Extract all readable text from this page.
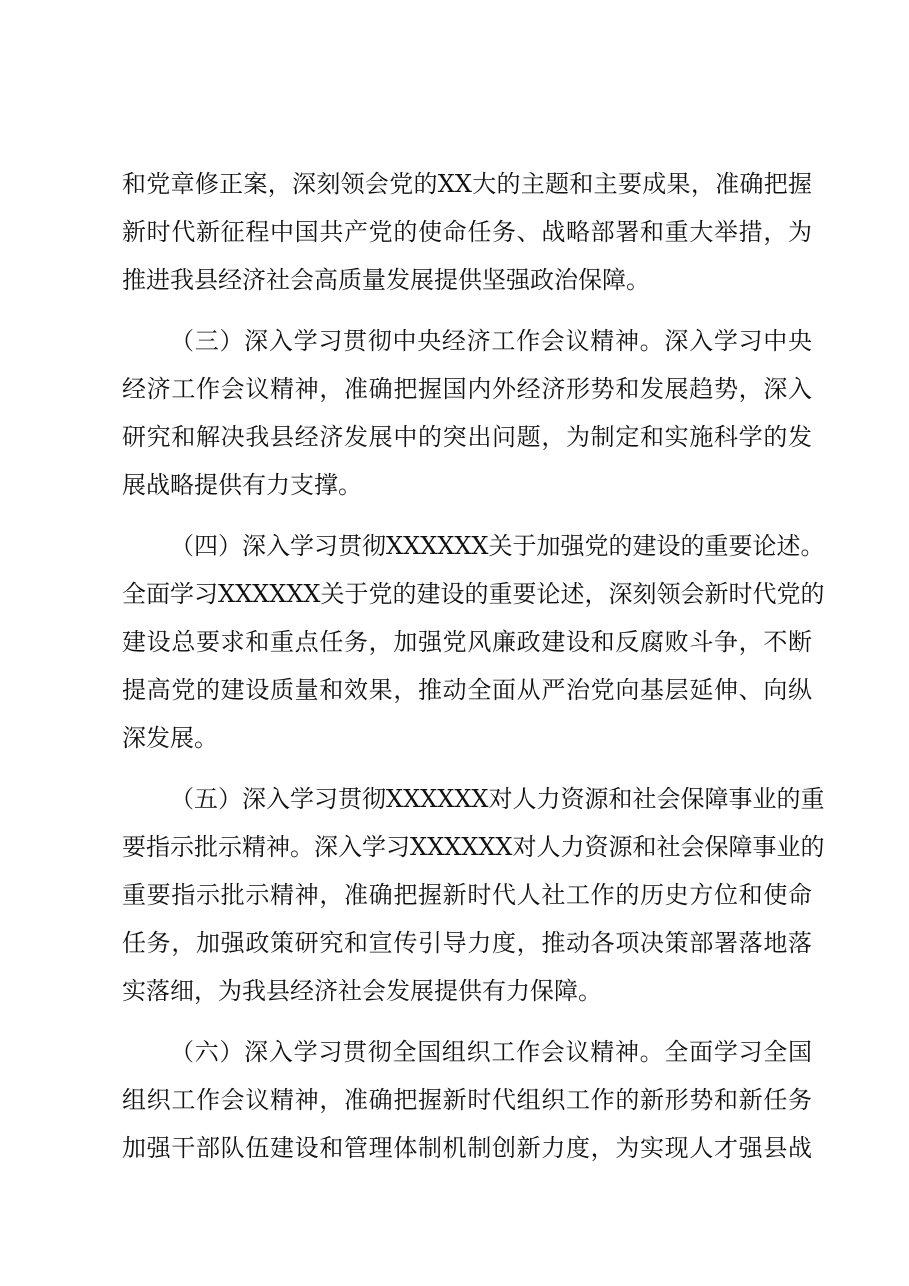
和党章修正案，深刻领会党的XX大的主题和主要成果，准确把握
新时代新征程中国共产党的使命任务、战略部署和重大举措，为
推进我县经济社会高质量发展提供坚强政治保障。
（三）深入学习贯彻中央经济工作会议精神。深入学习中央
经济工作会议精神，准确把握国内外经济形势和发展趋势，深入
研究和解决我县经济发展中的突出问题，为制定和实施科学的发
展战略提供有力支撑。
（四）深入学习贯彻XXXXXX关于加强党的建设的重要论述。
全面学习XXXXXX关于党的建设的重要论述，深刻领会新时代党的
建设总要求和重点任务，加强党风廉政建设和反腐败斗争，不断
提高党的建设质量和效果，推动全面从严治党向基层延伸、向纵
深发展。
（五）深入学习贯彻XXXXXX对人力资源和社会保障事业的重
要指示批示精神。深入学习XXXXXX对人力资源和社会保障事业的
重要指示批示精神，准确把握新时代人社工作的历史方位和使命
任务，加强政策研究和宣传引导力度，推动各项决策部署落地落
实落细，为我县经济社会发展提供有力保障。
（六）深入学习贯彻全国组织工作会议精神。全面学习全国
组织工作会议精神，准确把握新时代组织工作的新形势和新任务
加强干部队伍建设和管理体制机制创新力度，为实现人才强县战
